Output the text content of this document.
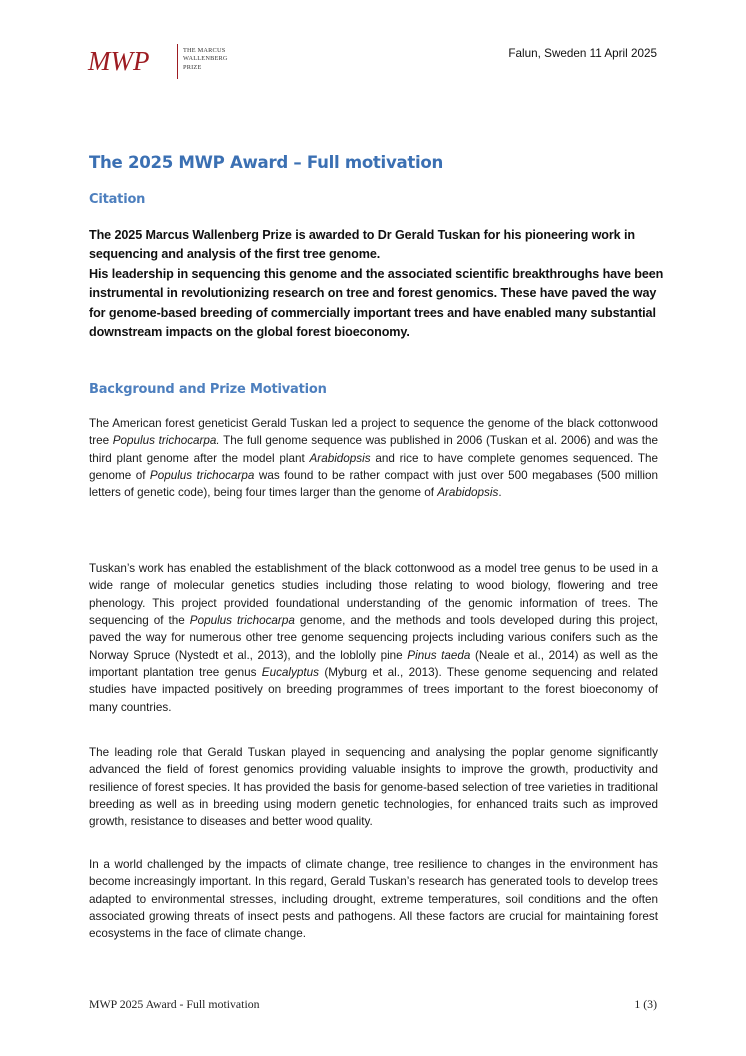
MWP	THE MARCUS
WALLENBERG
PRIZE
Falun, Sweden 11 April 2025
The 2025 MWP Award – Full motivation
Citation

The 2025 Marcus Wallenberg Prize is awarded to Dr Gerald Tuskan for his pioneering work in sequencing and analysis of the first tree genome.

His leadership in sequencing this genome and the associated scientific breakthroughs have been instrumental in revolutionizing research on tree and forest genomics. These have paved the way for genome-based breeding of commercially important trees and have enabled many substantial downstream impacts on the global forest bioeconomy.

Background and Prize Motivation

The American forest geneticist Gerald Tuskan led a project to sequence the genome of the black cottonwood tree Populus trichocarpa. The full genome sequence was published in 2006 (Tuskan et al. 2006) and was the third plant genome after the model plant Arabidopsis and rice to have complete genomes sequenced. The genome of Populus trichocarpa was found to be rather compact with just over 500 megabases (500 million letters of genetic code), being four times larger than the genome of Arabidopsis.

Tuskan’s work has enabled the establishment of the black cottonwood as a model tree genus to be used in a wide range of molecular genetics studies including those relating to wood biology, flowering and tree phenology. This project provided foundational understanding of the genomic information of trees. The sequencing of the Populus trichocarpa genome, and the methods and tools developed during this project, paved the way for numerous other tree genome sequencing projects including various conifers such as the Norway Spruce (Nystedt et al., 2013), and the loblolly pine Pinus taeda (Neale et al., 2014) as well as the important plantation tree genus Eucalyptus (Myburg et al., 2013). These genome sequencing and related studies have impacted positively on breeding programmes of trees important to the forest bioeconomy of many countries.

The leading role that Gerald Tuskan played in sequencing and analysing the poplar genome significantly advanced the field of forest genomics providing valuable insights to improve the growth, productivity and resilience of forest species. It has provided the basis for genome-based selection of tree varieties in traditional breeding as well as in breeding using modern genetic technologies, for enhanced traits such as improved growth, resistance to diseases and better wood quality.

In a world challenged by the impacts of climate change, tree resilience to changes in the environment has become increasingly important. In this regard, Gerald Tuskan’s research has generated tools to develop trees adapted to environmental stresses, including drought, extreme temperatures, soil conditions and the often associated growing threats of insect pests and pathogens. All these factors are crucial for maintaining forest ecosystems in the face of climate change.

MWP 2025 Award - Full motivation	1 (3)
